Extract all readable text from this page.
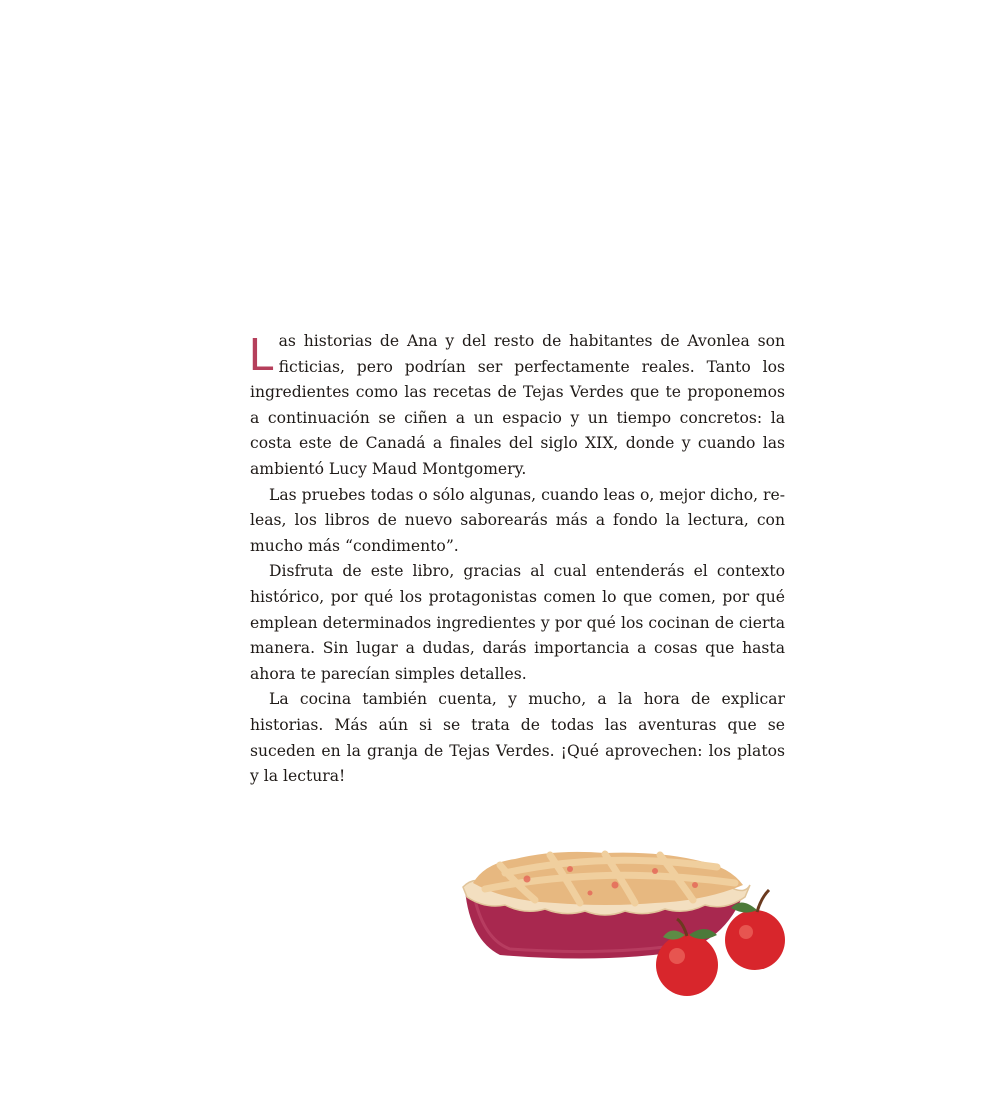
Las historias de Ana y del resto de habitantes de Avonlea son ficticias, pero podrían ser perfectamente reales. Tanto los ingredientes como las recetas de Tejas Verdes que te proponemos a continuación se ciñen a un espacio y un tiempo concretos: la costa este de Canadá a finales del siglo XIX, donde y cuando las ambientó Lucy Maud Montgomery.

Las pruebes todas o sólo algunas, cuando leas o, mejor dicho, releas, los libros de nuevo saborearás más a fondo la lectura, con mucho más “condimento”.

Disfruta de este libro, gracias al cual entenderás el contexto histórico, por qué los protagonistas comen lo que comen, por qué emplean determinados ingredientes y por qué los cocinan de cierta manera. Sin lugar a dudas, darás importancia a cosas que hasta ahora te parecían simples detalles.

La cocina también cuenta, y mucho, a la hora de explicar historias. Más aún si se trata de todas las aventuras que se suceden en la granja de Tejas Verdes. ¡Qué aprovechen: los platos y la lectura!
